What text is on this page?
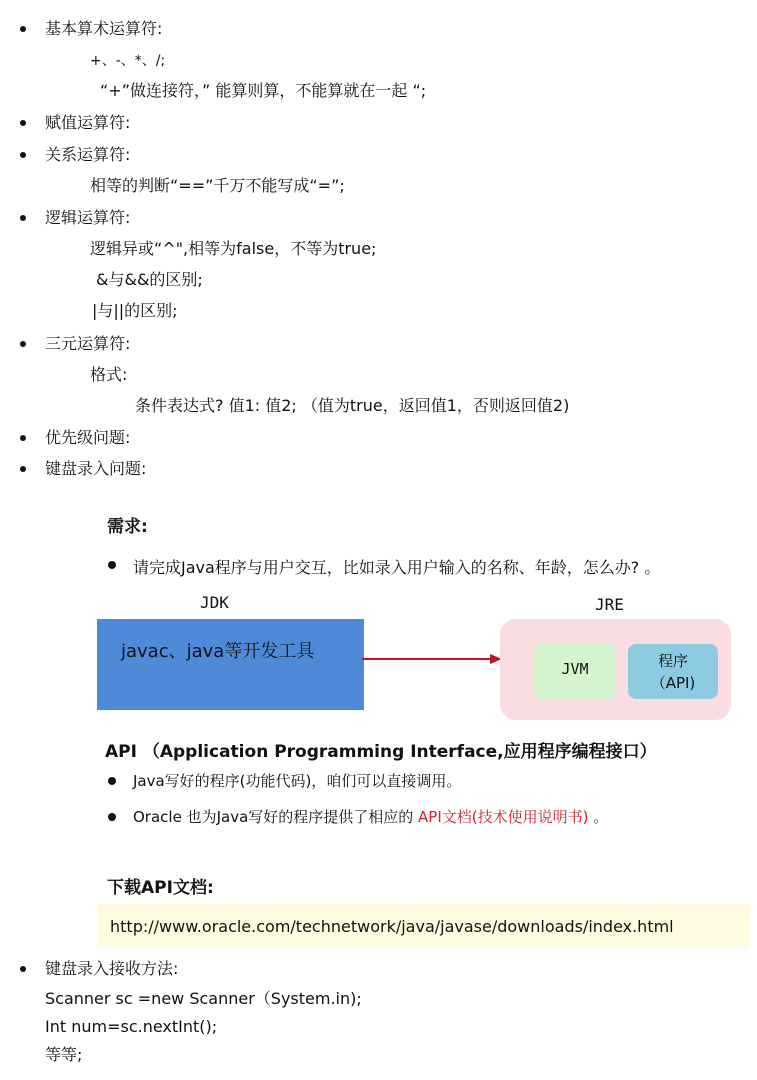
基本算术运算符:
+、-、*、/;
“+”做连接符，” 能算则算，不能算就在一起 “;
赋值运算符:
关系运算符:
相等的判断“==”千万不能写成“=”;
逻辑运算符:
逻辑异或“^",相等为false，不等为true;
&与&&的区别;
|与||的区别;
三元运算符:
格式:
条件表达式? 值1: 值2; （值为true，返回值1，否则返回值2)
优先级问题:
键盘录入问题:
需求:
请完成Java程序与用户交互，比如录入用户输入的名称、年龄，怎么办? 。
JDK	JRE
javac、java等开发工具
JVM	程序
（API)
API （Application Programming Interface,应用程序编程接口）
Java写好的程序(功能代码)，咱们可以直接调用。
Oracle 也为Java写好的程序提供了相应的 API文档(技术使用说明书) 。
下载API文档:
http://www.oracle.com/technetwork/java/javase/downloads/index.html
键盘录入接收方法:
Scanner sc =new Scanner（System.in);
Int num=sc.nextInt();
等等;
